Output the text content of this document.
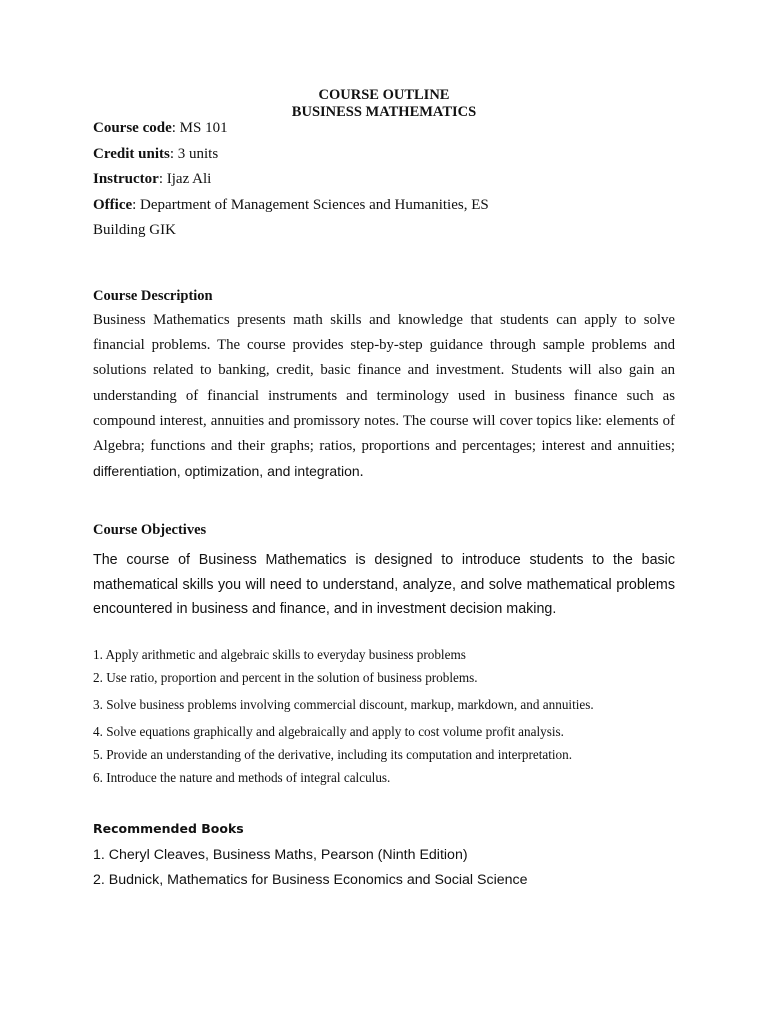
COURSE OUTLINE
BUSINESS MATHEMATICS
Course code: MS 101
Credit units: 3 units
Instructor: Ijaz Ali
Office: Department of Management Sciences and Humanities, ES
Building GIK
Course Description
Business Mathematics presents math skills and knowledge that students can apply to solve financial problems. The course provides step-by-step guidance through sample problems and solutions related to banking, credit, basic finance and investment. Students will also gain an understanding of financial instruments and terminology used in business finance such as compound interest, annuities and promissory notes. The course will cover topics like: elements of Algebra; functions and their graphs; ratios, proportions and percentages; interest and annuities; differentiation, optimization, and integration.
Course Objectives
The course of Business Mathematics is designed to introduce students to the basic mathematical skills you will need to understand, analyze, and solve mathematical problems encountered in business and finance, and in investment decision making.
1. Apply arithmetic and algebraic skills to everyday business problems
2. Use ratio, proportion and percent in the solution of business problems.
3. Solve business problems involving commercial discount, markup, markdown, and annuities.
4. Solve equations graphically and algebraically and apply to cost volume profit analysis.
5. Provide an understanding of the derivative, including its computation and interpretation.
6. Introduce the nature and methods of integral calculus.
Recommended Books
1. Cheryl Cleaves, Business Maths, Pearson (Ninth Edition)
2. Budnick, Mathematics for Business Economics and Social Science
